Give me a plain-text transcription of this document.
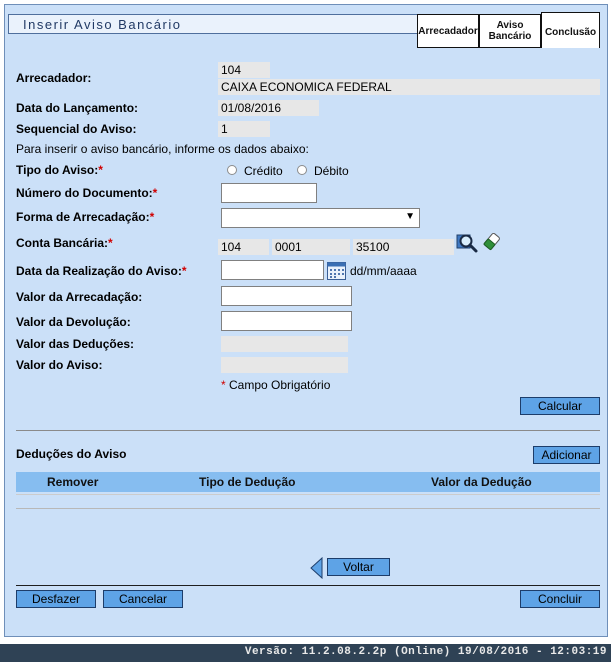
Inserir Aviso Bancário	Arrecadador
Aviso
Bancário	Conclusão
Arrecadador:
104
CAIXA ECONOMICA FEDERAL
Data do Lançamento:	01/08/2016
Sequencial do Aviso:	1
Para inserir o aviso bancário, informe os dados abaixo:
Tipo do Aviso:*	Crédito	Débito
Número do Documento:*
Forma de Arrecadação:*	▼
Conta Bancária:*	104	0001	35100
Data da Realização do Aviso:*	dd/mm/aaaa
Valor da Arrecadação:
Valor da Devolução:
Valor das Deduções:
Valor do Aviso:
* Campo Obrigatório
Calcular
Deduções do Aviso	Adicionar
Remover	Tipo de Dedução	Valor da Dedução
Voltar
Desfazer	Cancelar	Concluir
Versão: 11.2.08.2.2p (Online) 19/08/2016 - 12:03:19
